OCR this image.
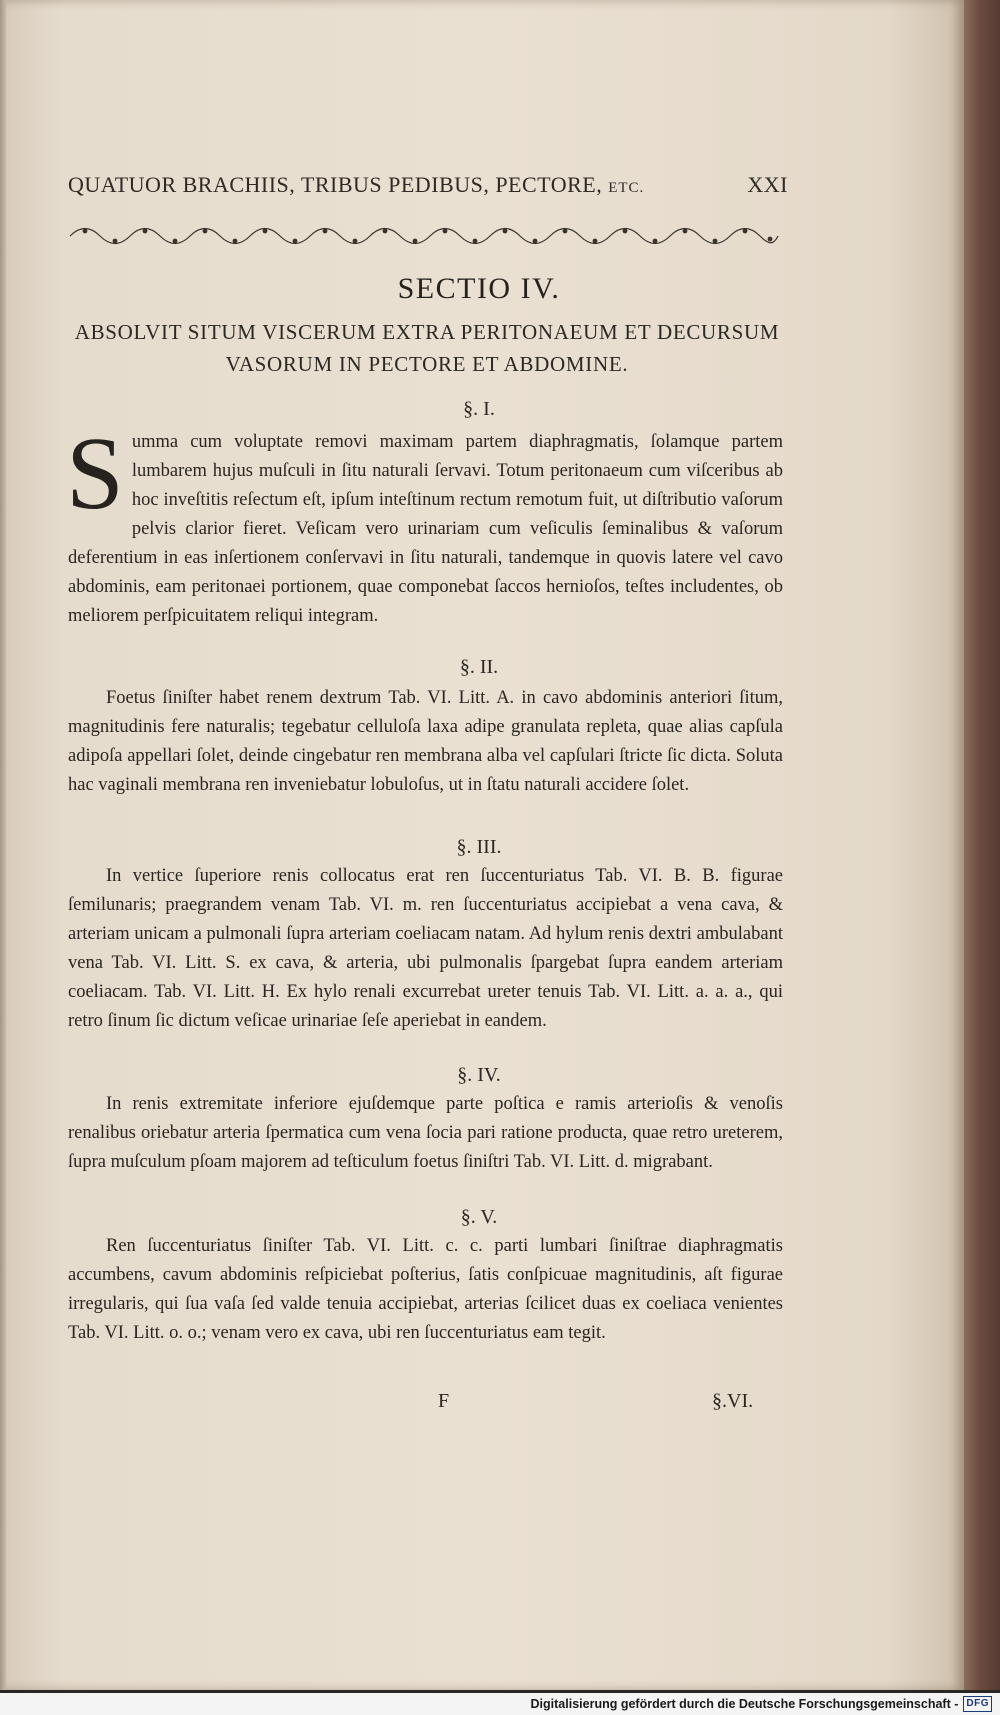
QUATUOR BRACHIIS, TRIBUS PEDIBUS, PECTORE, ETC.	XXI
SECTIO IV.
ABSOLVIT SITUM VISCERUM EXTRA PERITONAEUM ET DECURSUM VASORUM IN PECTORE ET ABDOMINE.
§. I.
Summa cum voluptate removi maximam partem diaphragmatis, ſolamque partem lumbarem hujus muſculi in ſitu naturali ſervavi. Totum peritonaeum cum viſceribus ab hoc inveſtitis reſectum eſt, ipſum inteſtinum rectum remotum fuit, ut diſtributio vaſorum pelvis clarior fieret. Veſicam vero urinariam cum veſiculis ſeminalibus & vaſorum deferentium in eas inſertionem conſervavi in ſitu naturali, tandemque in quovis latere vel cavo abdominis, eam peritonaei portionem, quae componebat ſaccos hernioſos, teſtes includentes, ob meliorem perſpicuitatem reliqui integram.
§. II.
Foetus ſiniſter habet renem dextrum Tab. VI. Litt. A. in cavo abdominis anteriori ſitum, magnitudinis fere naturalis; tegebatur celluloſa laxa adipe granulata repleta, quae alias capſula adipoſa appellari ſolet, deinde cingebatur ren membrana alba vel capſulari ſtricte ſic dicta. Soluta hac vaginali membrana ren inveniebatur lobuloſus, ut in ſtatu naturali accidere ſolet.
§. III.
In vertice ſuperiore renis collocatus erat ren ſuccenturiatus Tab. VI. B. B. figurae ſemilunaris; praegrandem venam Tab. VI. m. ren ſuccenturiatus accipiebat a vena cava, & arteriam unicam a pulmonali ſupra arteriam coeliacam natam. Ad hylum renis dextri ambulabant vena Tab. VI. Litt. S. ex cava, & arteria, ubi pulmonalis ſpargebat ſupra eandem arteriam coeliacam. Tab. VI. Litt. H. Ex hylo renali excurrebat ureter tenuis Tab. VI. Litt. a. a. a., qui retro ſinum ſic dictum veſicae urinariae ſeſe aperiebat in eandem.
§. IV.
In renis extremitate inferiore ejuſdemque parte poſtica e ramis arterioſis & venoſis renalibus oriebatur arteria ſpermatica cum vena ſocia pari ratione producta, quae retro ureterem, ſupra muſculum pſoam majorem ad teſticulum foetus ſiniſtri Tab. VI. Litt. d. migrabant.
§. V.
Ren ſuccenturiatus ſiniſter Tab. VI. Litt. c. c. parti lumbari ſiniſtrae diaphragmatis accumbens, cavum abdominis reſpiciebat poſterius, ſatis conſpicuae magnitudinis, aſt figurae irregularis, qui ſua vaſa ſed valde tenuia accipiebat, arterias ſcilicet duas ex coeliaca venientes Tab. VI. Litt. o. o.; venam vero ex cava, ubi ren ſuccenturiatus eam tegit.
F	§.VI.
Digitalisierung gefördert durch die Deutsche Forschungsgemeinschaft - DFG
